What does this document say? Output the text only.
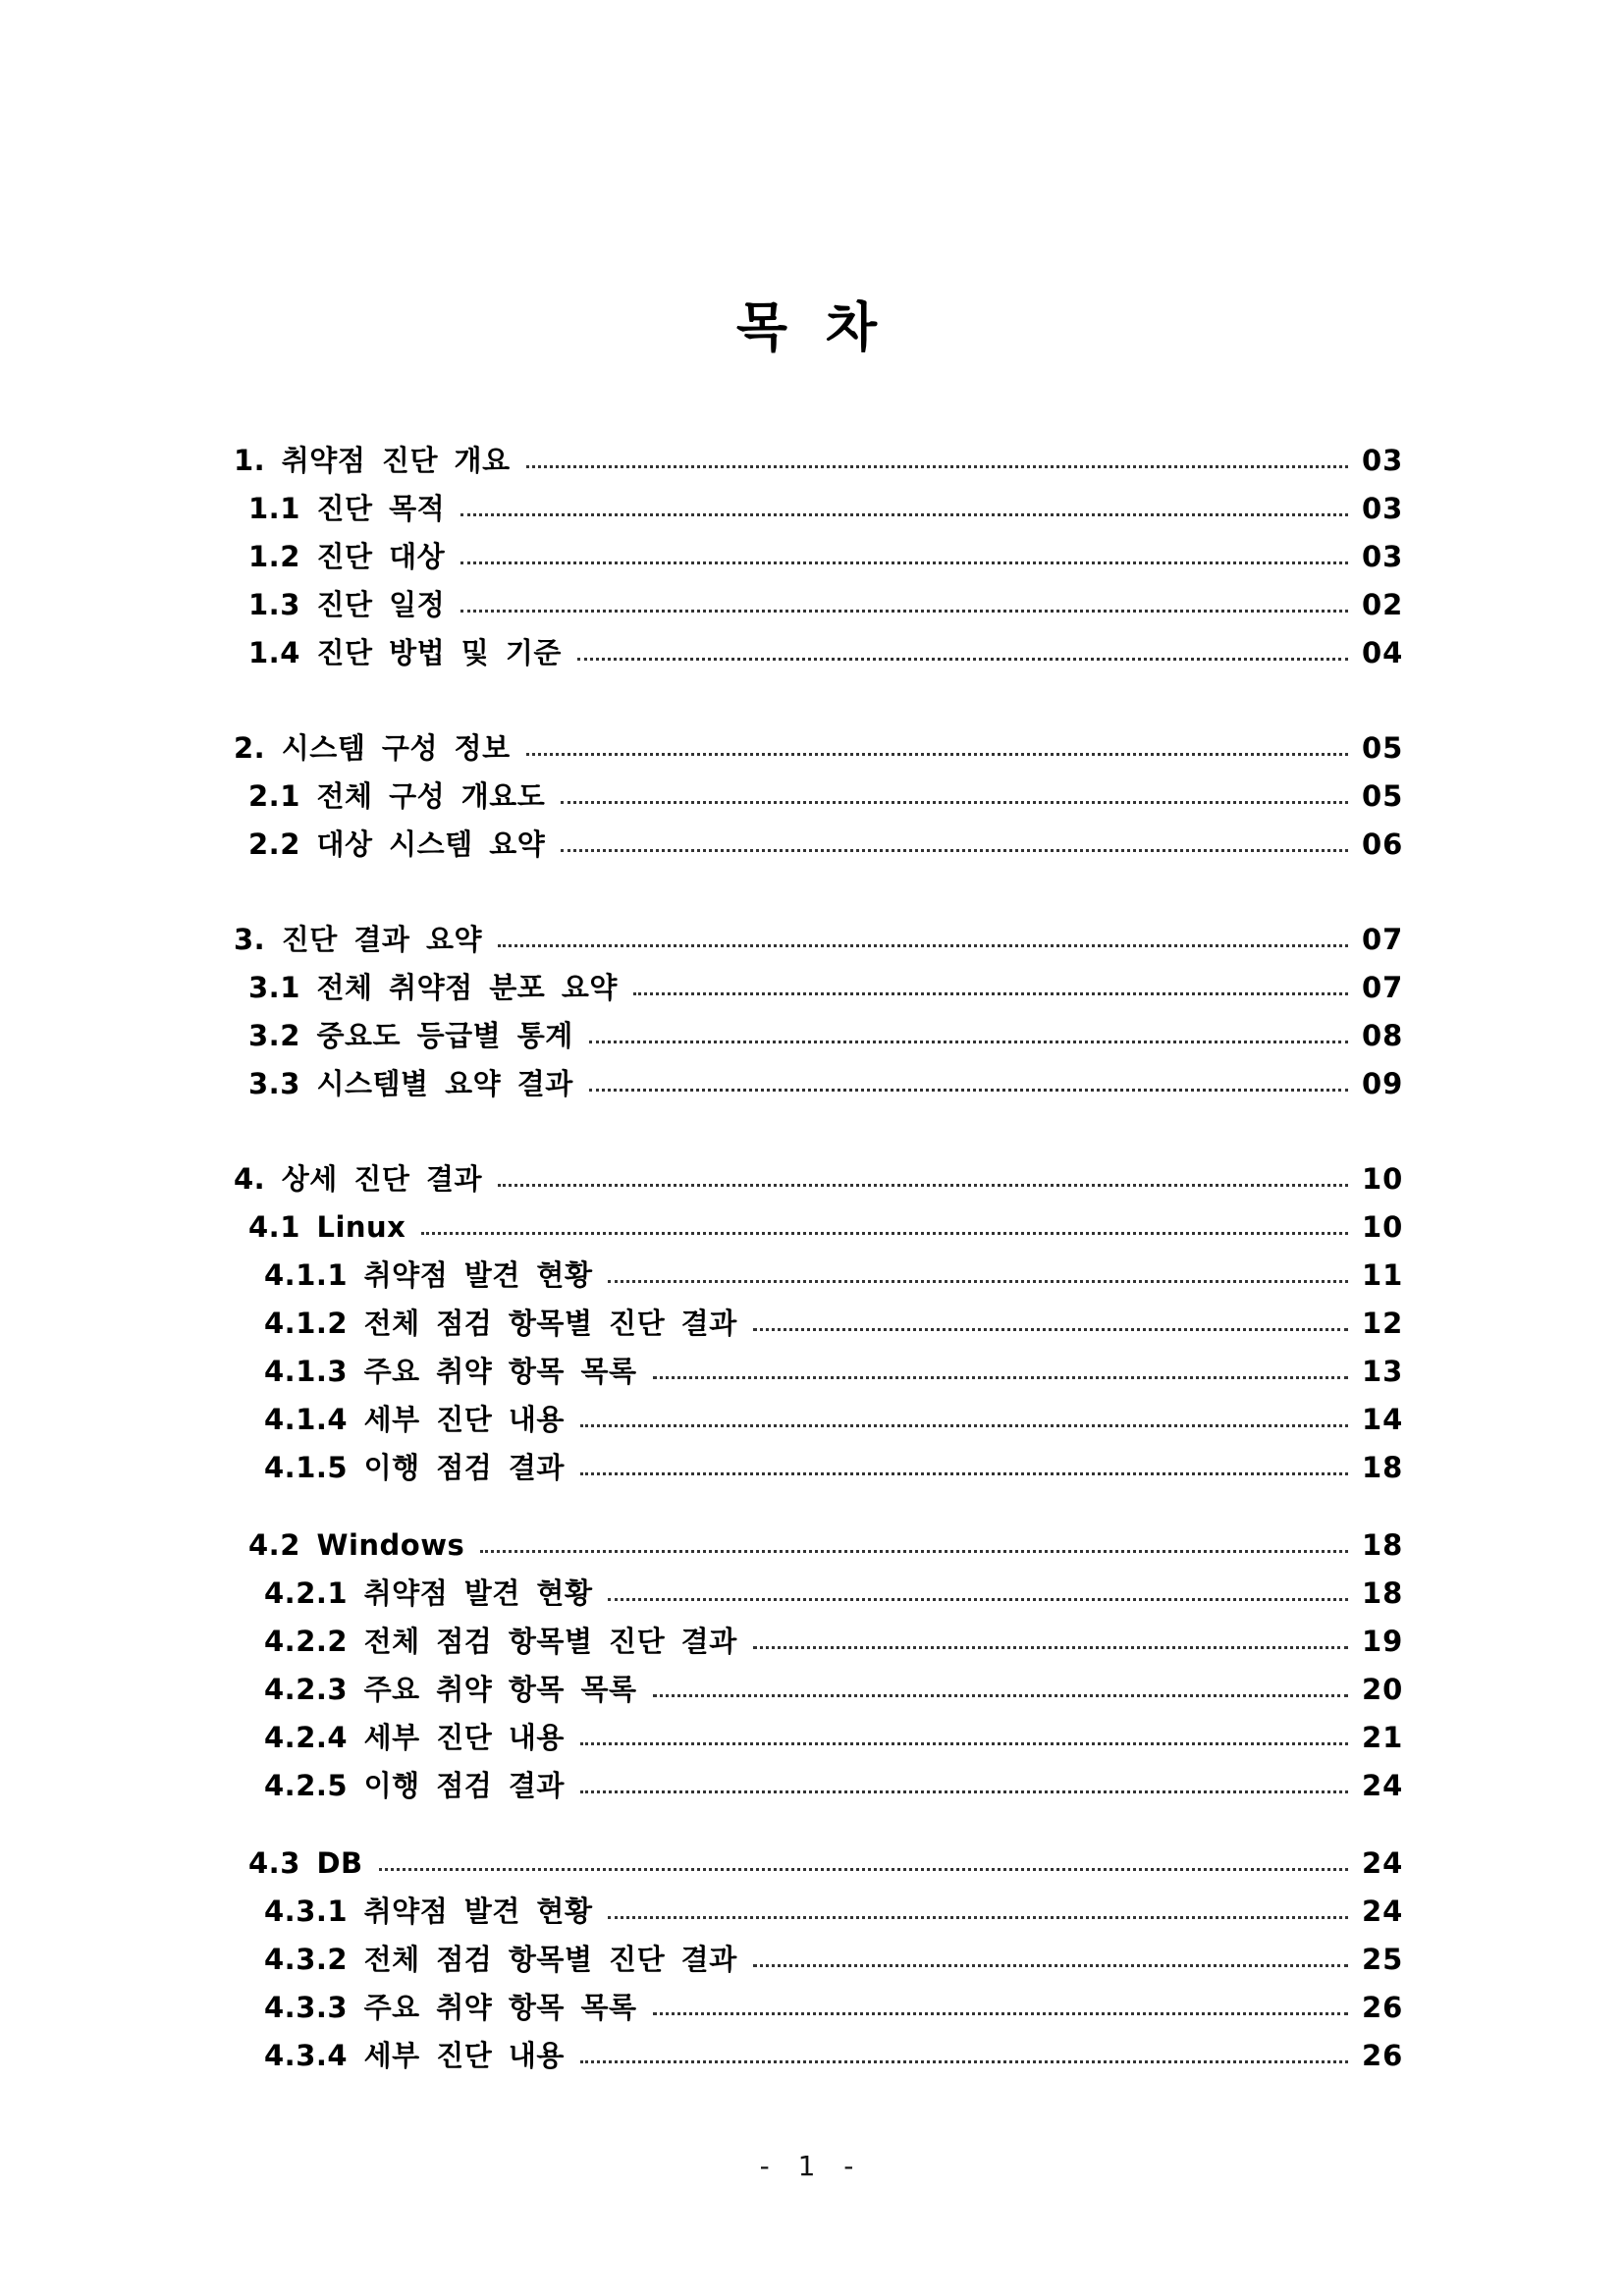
목 차
1. 취약점 진단 개요	03
1.1 진단 목적	03
1.2 진단 대상	03
1.3 진단 일정	02
1.4 진단 방법 및 기준	04
2. 시스템 구성 정보	05
2.1 전체 구성 개요도	05
2.2 대상 시스템 요약	06
3. 진단 결과 요약	07
3.1 전체 취약점 분포 요약	07
3.2 중요도 등급별 통계	08
3.3 시스템별 요약 결과	09
4. 상세 진단 결과	10
4.1 Linux	10
4.1.1 취약점 발견 현황	11
4.1.2 전체 점검 항목별 진단 결과	12
4.1.3 주요 취약 항목 목록	13
4.1.4 세부 진단 내용	14
4.1.5 이행 점검 결과	18
4.2 Windows	18
4.2.1 취약점 발견 현황	18
4.2.2 전체 점검 항목별 진단 결과	19
4.2.3 주요 취약 항목 목록	20
4.2.4 세부 진단 내용	21
4.2.5 이행 점검 결과	24
4.3 DB	24
4.3.1 취약점 발견 현황	24
4.3.2 전체 점검 항목별 진단 결과	25
4.3.3 주요 취약 항목 목록	26
4.3.4 세부 진단 내용	26
- 1 -
